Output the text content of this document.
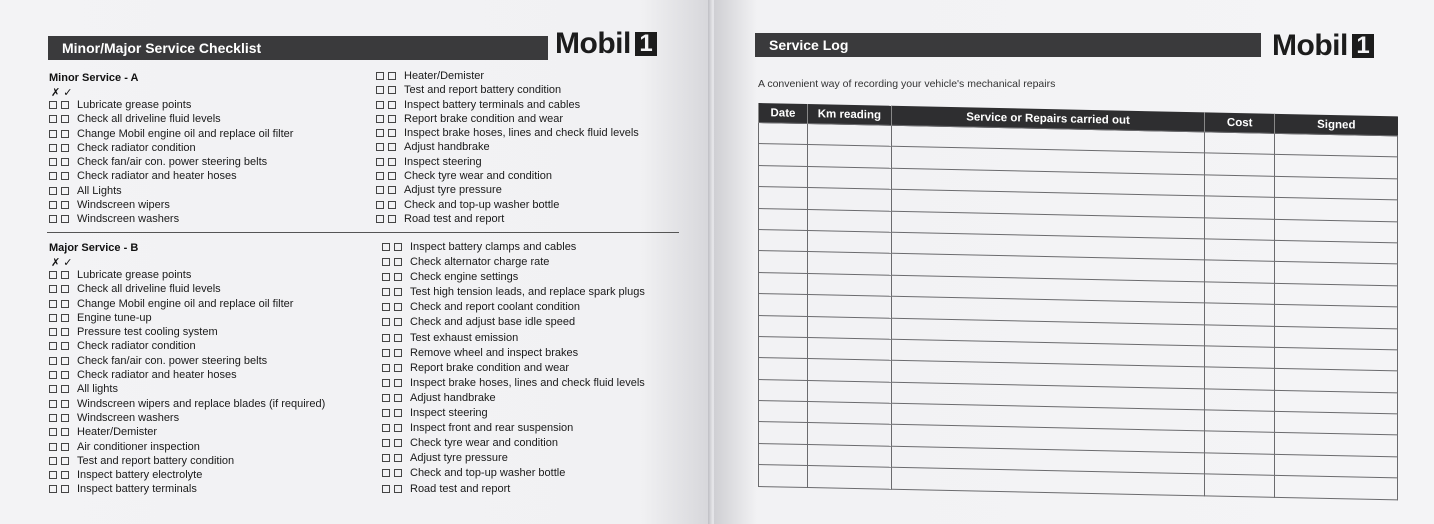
Minor/Major Service Checklist	Mobil 1
Minor Service - A
✗ ✓
Lubricate grease points
Check all driveline fluid levels
Change Mobil engine oil and replace oil filter
Check radiator condition
Check fan/air con. power steering belts
Check radiator and heater hoses
All Lights
Windscreen wipers
Windscreen washers
Heater/Demister
Test and report battery condition
Inspect battery terminals and cables
Report brake condition and wear
Inspect brake hoses, lines and check fluid levels
Adjust handbrake
Inspect steering
Check tyre wear and condition
Adjust tyre pressure
Check and top-up washer bottle
Road test and report
Major Service - B
✗ ✓
Lubricate grease points
Check all driveline fluid levels
Change Mobil engine oil and replace oil filter
Engine tune-up
Pressure test cooling system
Check radiator condition
Check fan/air con. power steering belts
Check radiator and heater hoses
All lights
Windscreen wipers and replace blades (if required)
Windscreen washers
Heater/Demister
Air conditioner inspection
Test and report battery condition
Inspect battery electrolyte
Inspect battery terminals
Inspect battery clamps and cables
Check alternator charge rate
Check engine settings
Test high tension leads, and replace spark plugs
Check and report coolant condition
Check and adjust base idle speed
Test exhaust emission
Remove wheel and inspect brakes
Report brake condition and wear
Inspect brake hoses, lines and check fluid levels
Adjust handbrake
Inspect steering
Inspect front and rear suspension
Check tyre wear and condition
Adjust tyre pressure
Check and top-up washer bottle
Road test and report
Service Log	Mobil 1
A convenient way of recording your vehicle's mechanical repairs
Date	Km reading	Service or Repairs carried out	Cost	Signed
